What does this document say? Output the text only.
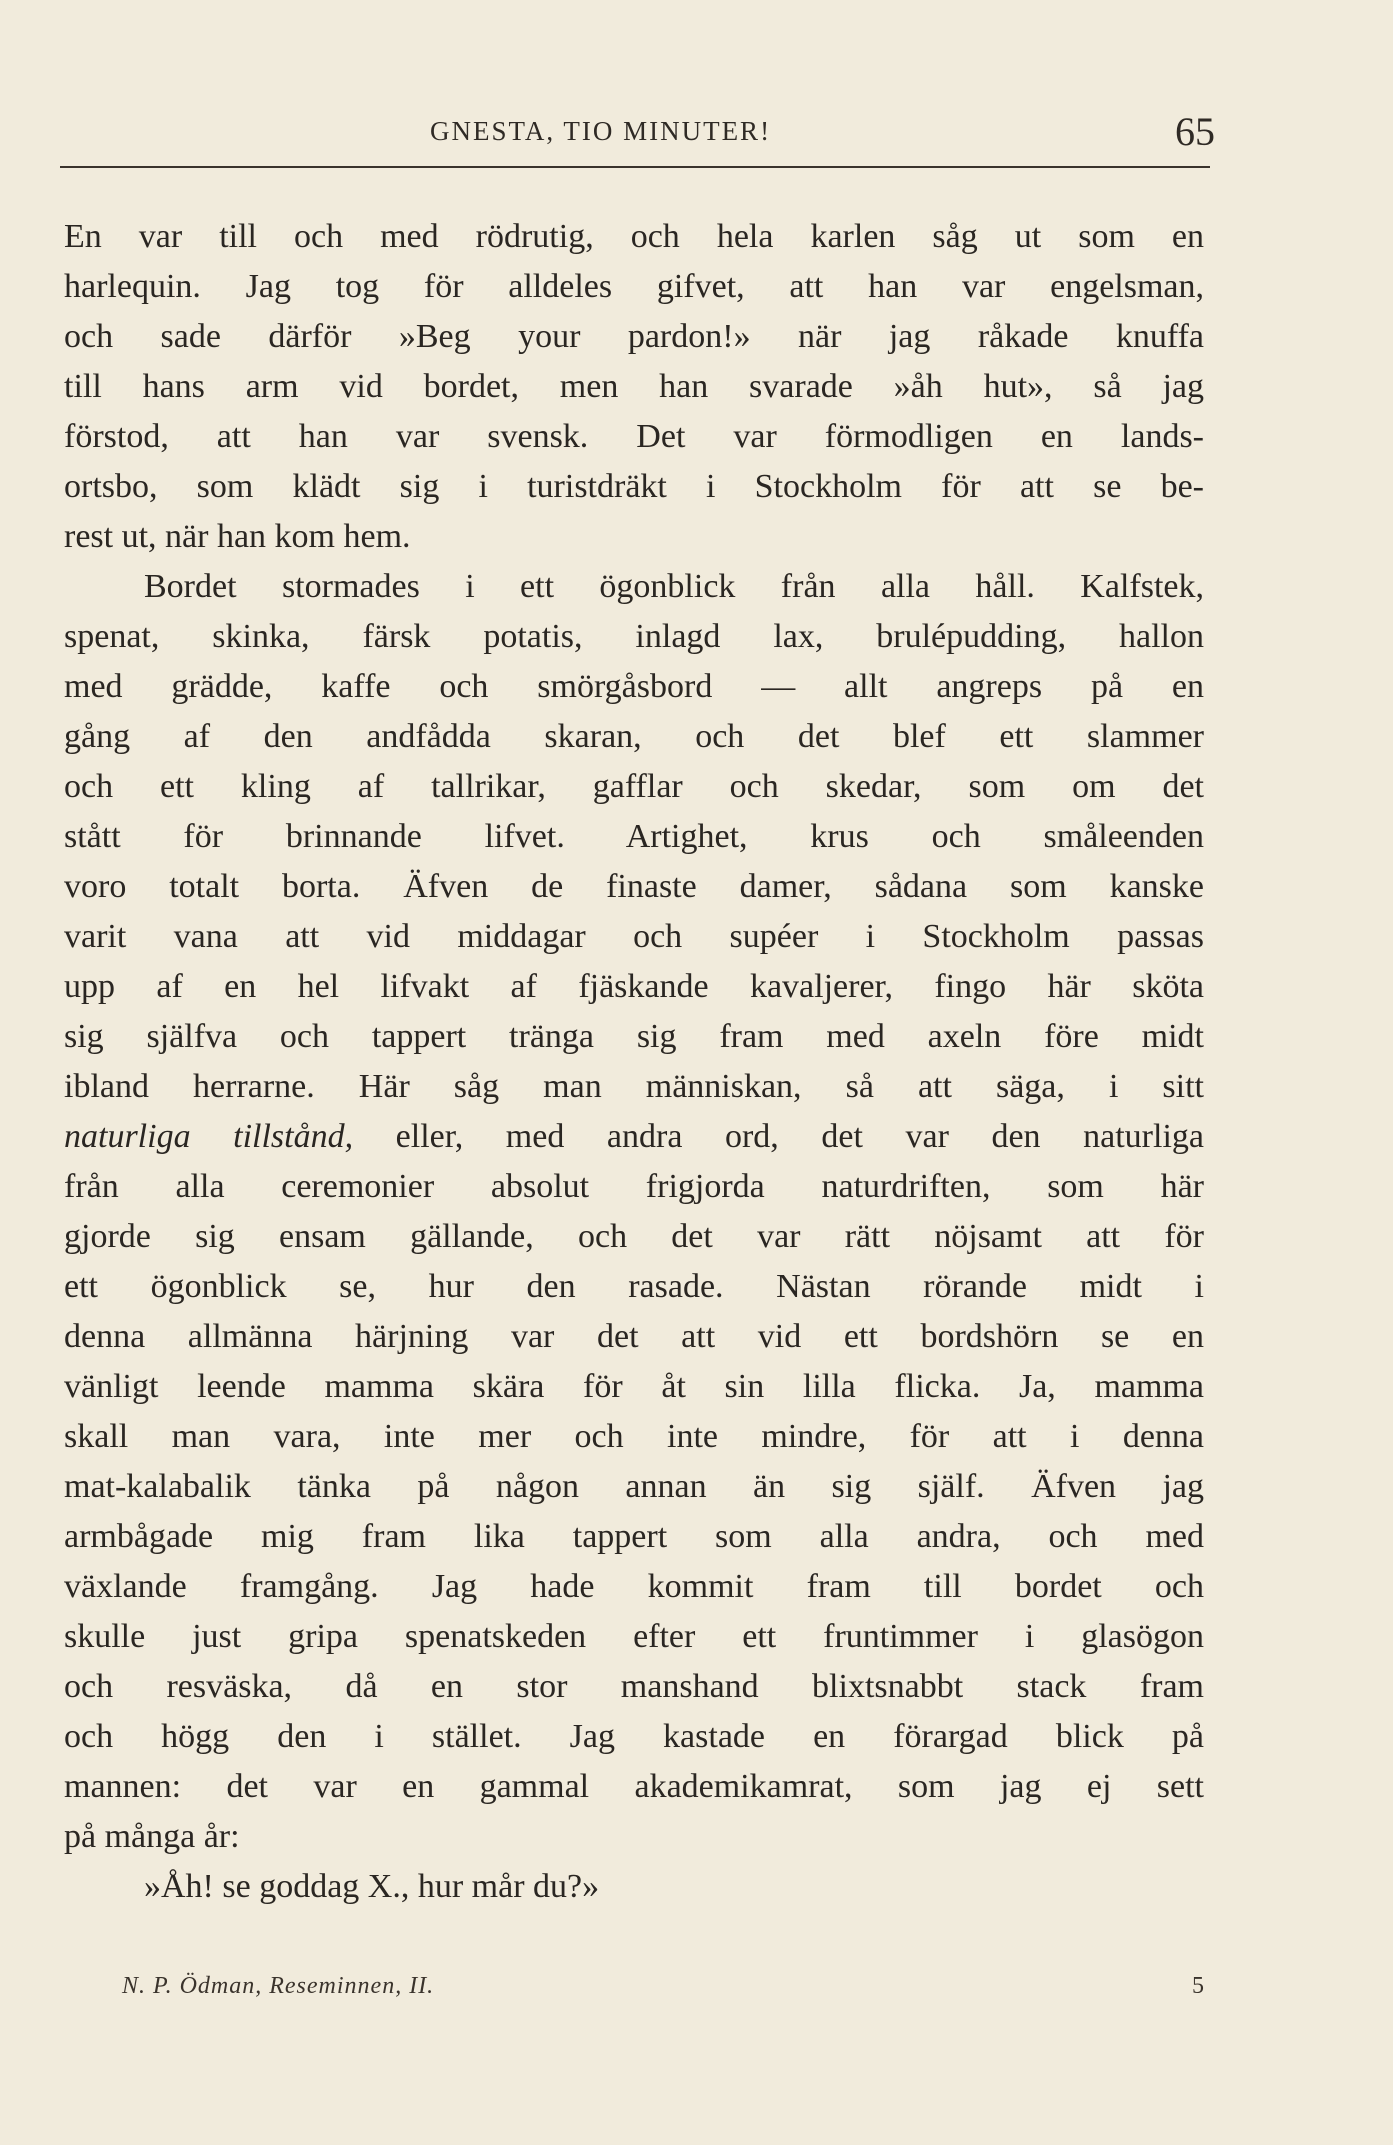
GNESTA, TIO MINUTER!	65
En var till och med rödrutig, och hela karlen såg ut som en
harlequin. Jag tog för alldeles gifvet, att han var engelsman,
och sade därför »Beg your pardon!» när jag råkade knuffa
till hans arm vid bordet, men han svarade »åh hut», så jag
förstod, att han var svensk. Det var förmodligen en lands-
ortsbo, som klädt sig i turistdräkt i Stockholm för att se be-
rest ut, när han kom hem.
Bordet stormades i ett ögonblick från alla håll. Kalfstek,
spenat, skinka, färsk potatis, inlagd lax, brulépudding, hallon
med grädde, kaffe och smörgåsbord — allt angreps på en
gång af den andfådda skaran, och det blef ett slammer
och ett kling af tallrikar, gafflar och skedar, som om det
stått för brinnande lifvet. Artighet, krus och småleenden
voro totalt borta. Äfven de finaste damer, sådana som kanske
varit vana att vid middagar och supéer i Stockholm passas
upp af en hel lifvakt af fjäskande kavaljerer, fingo här sköta
sig själfva och tappert tränga sig fram med axeln före midt
ibland herrarne. Här såg man människan, så att säga, i sitt
naturliga tillstånd, eller, med andra ord, det var den naturliga
från alla ceremonier absolut frigjorda naturdriften, som här
gjorde sig ensam gällande, och det var rätt nöjsamt att för
ett ögonblick se, hur den rasade. Nästan rörande midt i
denna allmänna härjning var det att vid ett bordshörn se en
vänligt leende mamma skära för åt sin lilla flicka. Ja, mamma
skall man vara, inte mer och inte mindre, för att i denna
mat-kalabalik tänka på någon annan än sig själf. Äfven jag
armbågade mig fram lika tappert som alla andra, och med
växlande framgång. Jag hade kommit fram till bordet och
skulle just gripa spenatskeden efter ett fruntimmer i glasögon
och resväska, då en stor manshand blixtsnabbt stack fram
och högg den i stället. Jag kastade en förargad blick på
mannen: det var en gammal akademikamrat, som jag ej sett
på många år:
»Åh! se goddag X., hur mår du?»
N. P. Ödman, Reseminnen, II.	5
